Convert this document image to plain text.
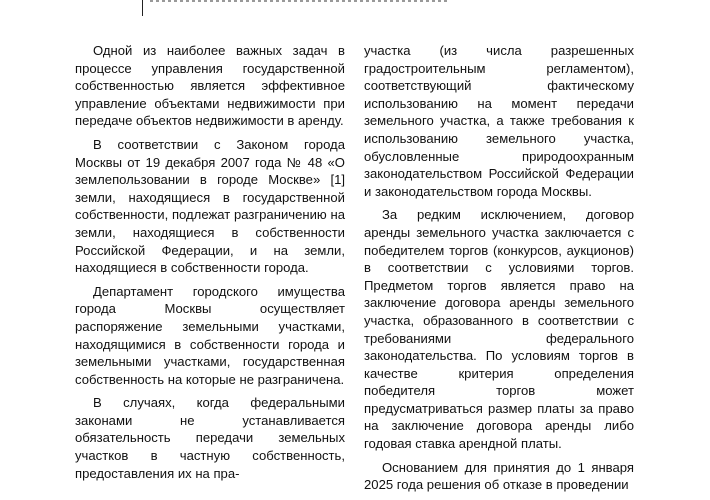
Одной из наиболее важных задач в процессе управления государственной собственностью является эффективное управление объектами недвижимости при передаче объектов недвижимости в аренду.

В соответствии с Законом города Москвы от 19 декабря 2007 года № 48 «О землепользовании в городе Москве» [1] земли, находящиеся в государственной собственности, подлежат разграничению на земли, находящиеся в собственности Российской Федерации, и на земли, находящиеся в собственности города.

Департамент городского имущества города Москвы осуществляет распоряжение земельными участками, находящимися в собственности города и земельными участками, государственная собственность на которые не разграничена.

В случаях, когда федеральными законами не устанавливается обязательность передачи земельных участков в частную собственность, предоставления их на пра-

участка (из числа разрешенных градостроительным регламентом), соответствующий фактическому использованию на момент передачи земельного участка, а также требования к использованию земельного участка, обусловленные природоохранным законодательством Российской Федерации и законодательством города Москвы.

За редким исключением, договор аренды земельного участка заключается с победителем торгов (конкурсов, аукционов) в соответствии с условиями торгов. Предметом торгов является право на заключение договора аренды земельного участка, образованного в соответствии с требованиями федерального законодательства. По условиям торгов в качестве критерия определения победителя торгов может предусматриваться размер платы за право на заключение договора аренды либо годовая ставка арендной платы.

Основанием для принятия до 1 января 2025 года решения об отказе в проведении
